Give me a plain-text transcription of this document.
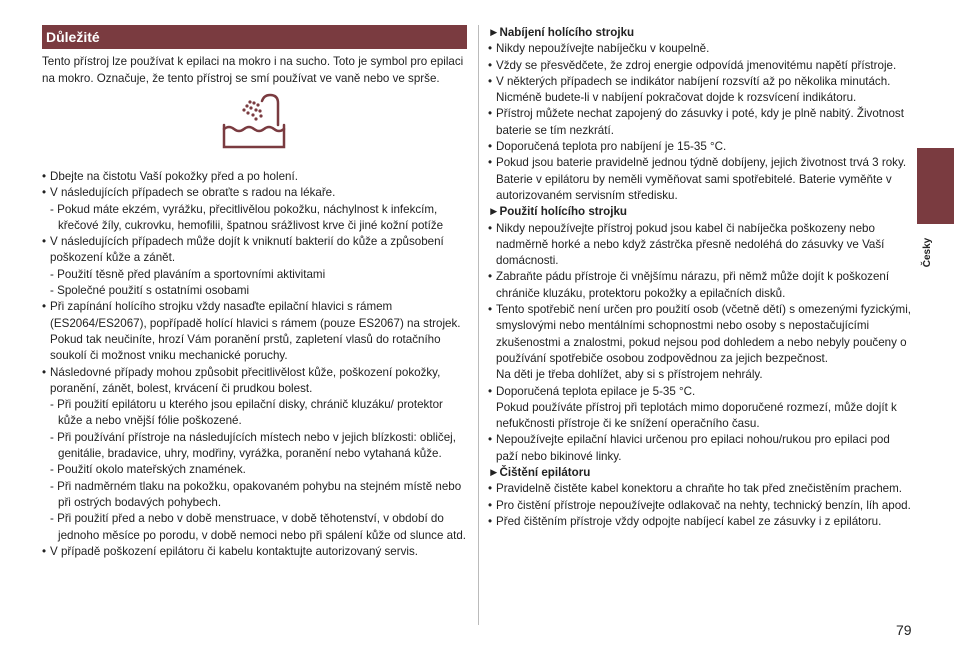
Důležité

Tento přístroj lze používat k epilaci na mokro i na sucho. Toto je symbol pro epilaci na mokro. Označuje, že tento přístroj se smí používat ve vaně nebo ve sprše.

• Dbejte na čistotu Vaší pokožky před a po holení.
• V následujících případech se obraťte s radou na lékaře.
- Pokud máte ekzém, vyrážku, přecitlivělou pokožku, náchylnost k infekcím, křečové žíly, cukrovku, hemofilii, špatnou srážlivost krve či jiné kožní potíže
• V následujících případech může dojít k vniknutí bakterií do kůže a způsobení poškození kůže a zánět.
- Použití těsně před plaváním a sportovními aktivitami
- Společné použití s ostatními osobami
• Při zapínání holícího strojku vždy nasaďte epilační hlavici s rámem (ES2064/ES2067), popřípadě holící hlavici s rámem (pouze ES2067) na strojek. Pokud tak neučiníte, hrozí Vám poranění prstů, zapletení vlasů do rotačního soukolí či možnost vniku mechanické poruchy.
• Následovné případy mohou způsobit přecitlivělost kůže, poškození pokožky, poranění, zánět, bolest, krvácení či prudkou bolest.
- Při použití epilátoru u kterého jsou epilační disky, chránič kluzáku/ protektor kůže a nebo vnější fólie poškozené.
- Při používání přístroje na následujících místech nebo v jejich blízkosti: obličej, genitálie, bradavice, uhry, modřiny, vyrážka, poranění nebo vytahaná kůže.
- Použití okolo mateřských znamének.
- Při nadměrném tlaku na pokožku, opakovaném pohybu na stejném místě nebo při ostrých bodavých pohybech.
- Při použití před a nebo v době menstruace, v době těhotenství, v období do jednoho měsíce po porodu, v době nemoci nebo při spálení kůže od slunce atd.
• V případě poškození epilátoru či kabelu kontaktujte autorizovaný servis.
►Nabíjení holícího strojku
• Nikdy nepoužívejte nabíječku v koupelně.
• Vždy se přesvědčete, že zdroj energie odpovídá jmenovitému napětí přístroje.
• V některých případech se indikátor nabíjení rozsvítí až po několika minutách. Nicméně budete-li v nabíjení pokračovat dojde k rozsvícení indikátoru.
• Přístroj můžete nechat zapojený do zásuvky i poté, kdy je plně nabitý. Životnost baterie se tím nezkrátí.
• Doporučená teplota pro nabíjení je 15-35 °C.
• Pokud jsou baterie pravidelně jednou týdně dobíjeny, jejich životnost trvá 3 roky. Baterie v epilátoru by neměli vyměňovat sami spotřebitelé. Baterie vyměňte v autorizovaném servisním středisku.
►Použití holícího strojku
• Nikdy nepoužívejte přístroj pokud jsou kabel či nabíječka poškozeny nebo nadměrně horké a nebo když zástrčka přesně nedoléhá do zásuvky ve Vaší domácnosti.
• Zabraňte pádu přístroje či vnějšímu nárazu, při němž může dojít k poškození chrániče kluzáku, protektoru pokožky a epilačních disků.
• Tento spotřebič není určen pro použití osob (včetně dětí) s omezenými fyzickými, smyslovými nebo mentálními schopnostmi nebo osoby s nepostačujícími zkušenostmi a znalostmi, pokud nejsou pod dohledem a nebo nebyly poučeny o používání spotřebiče osobou zodpovědnou za jejich bezpečnost.
Na děti je třeba dohlížet, aby si s přístrojem nehrály.
• Doporučená teplota epilace je 5-35 °C.
Pokud používáte přístroj při teplotách mimo doporučené rozmezí, může dojít k nefukčnosti přístroje či ke snížení operačního času.
• Nepoužívejte epilační hlavici určenou pro epilaci nohou/rukou pro epilaci pod paží nebo bikinové linky.
►Čištění epilátoru
• Pravidelně čistěte kabel konektoru a chraňte ho tak před znečistěním prachem.
• Pro čistění přístroje nepoužívejte odlakovač na nehty, technický benzín, líh apod.
• Před čištěním přístroje vždy odpojte nabíjecí kabel ze zásuvky i z epilátoru.
Česky
79
